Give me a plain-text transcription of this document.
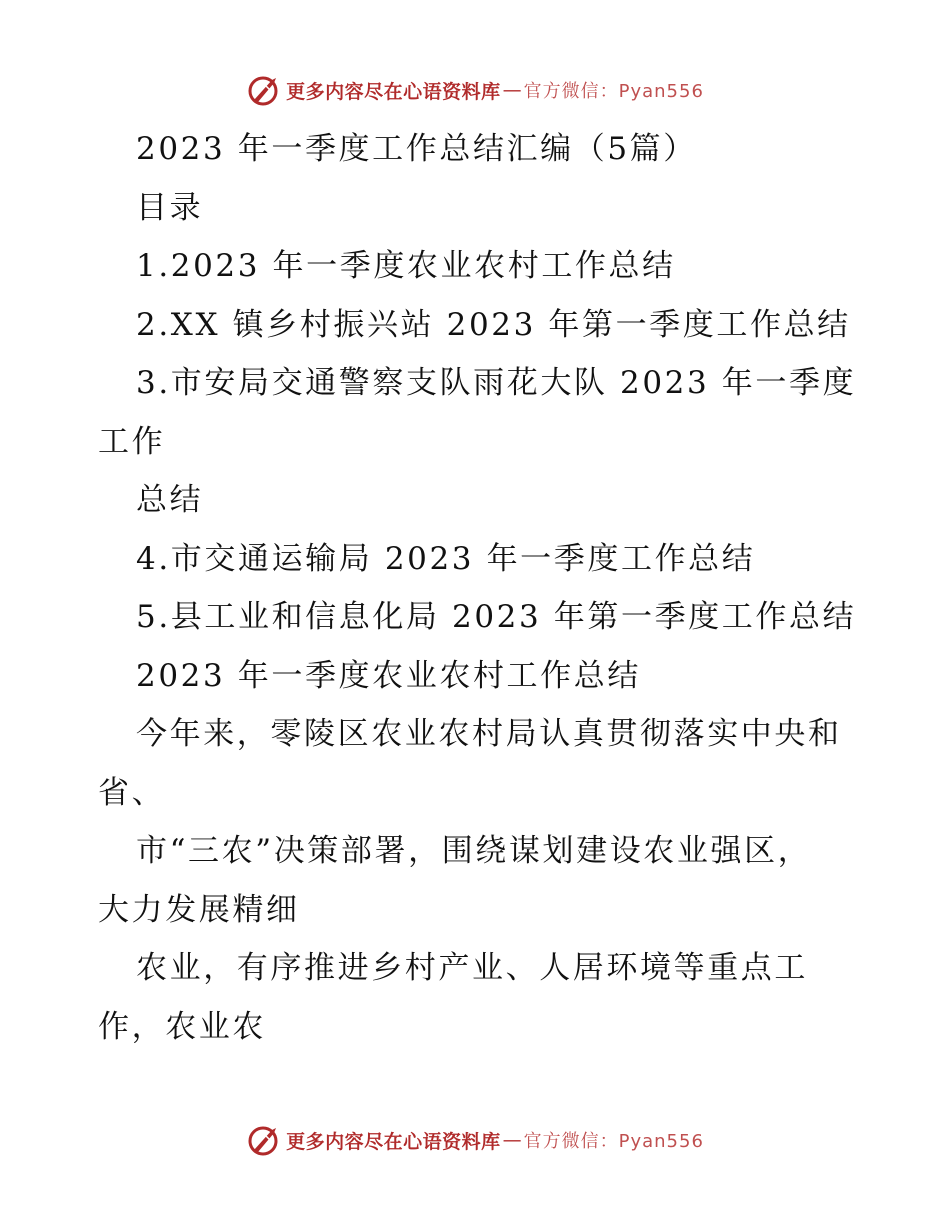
更多内容尽在心语资料库 — 官方微信：Pyan556

2023 年一季度工作总结汇编（5篇）

目录

1.2023 年一季度农业农村工作总结

2.XX 镇乡村振兴站 2023 年第一季度工作总结

3.市安局交通警察支队雨花大队 2023 年一季度

工作

总结

4.市交通运输局 2023 年一季度工作总结

5.县工业和信息化局 2023 年第一季度工作总结

2023 年一季度农业农村工作总结

今年来，零陵区农业农村局认真贯彻落实中央和

省、

市“三农”决策部署，围绕谋划建设农业强区，

大力发展精细

农业，有序推进乡村产业、人居环境等重点工

作，农业农

更多内容尽在心语资料库 — 官方微信：Pyan556
